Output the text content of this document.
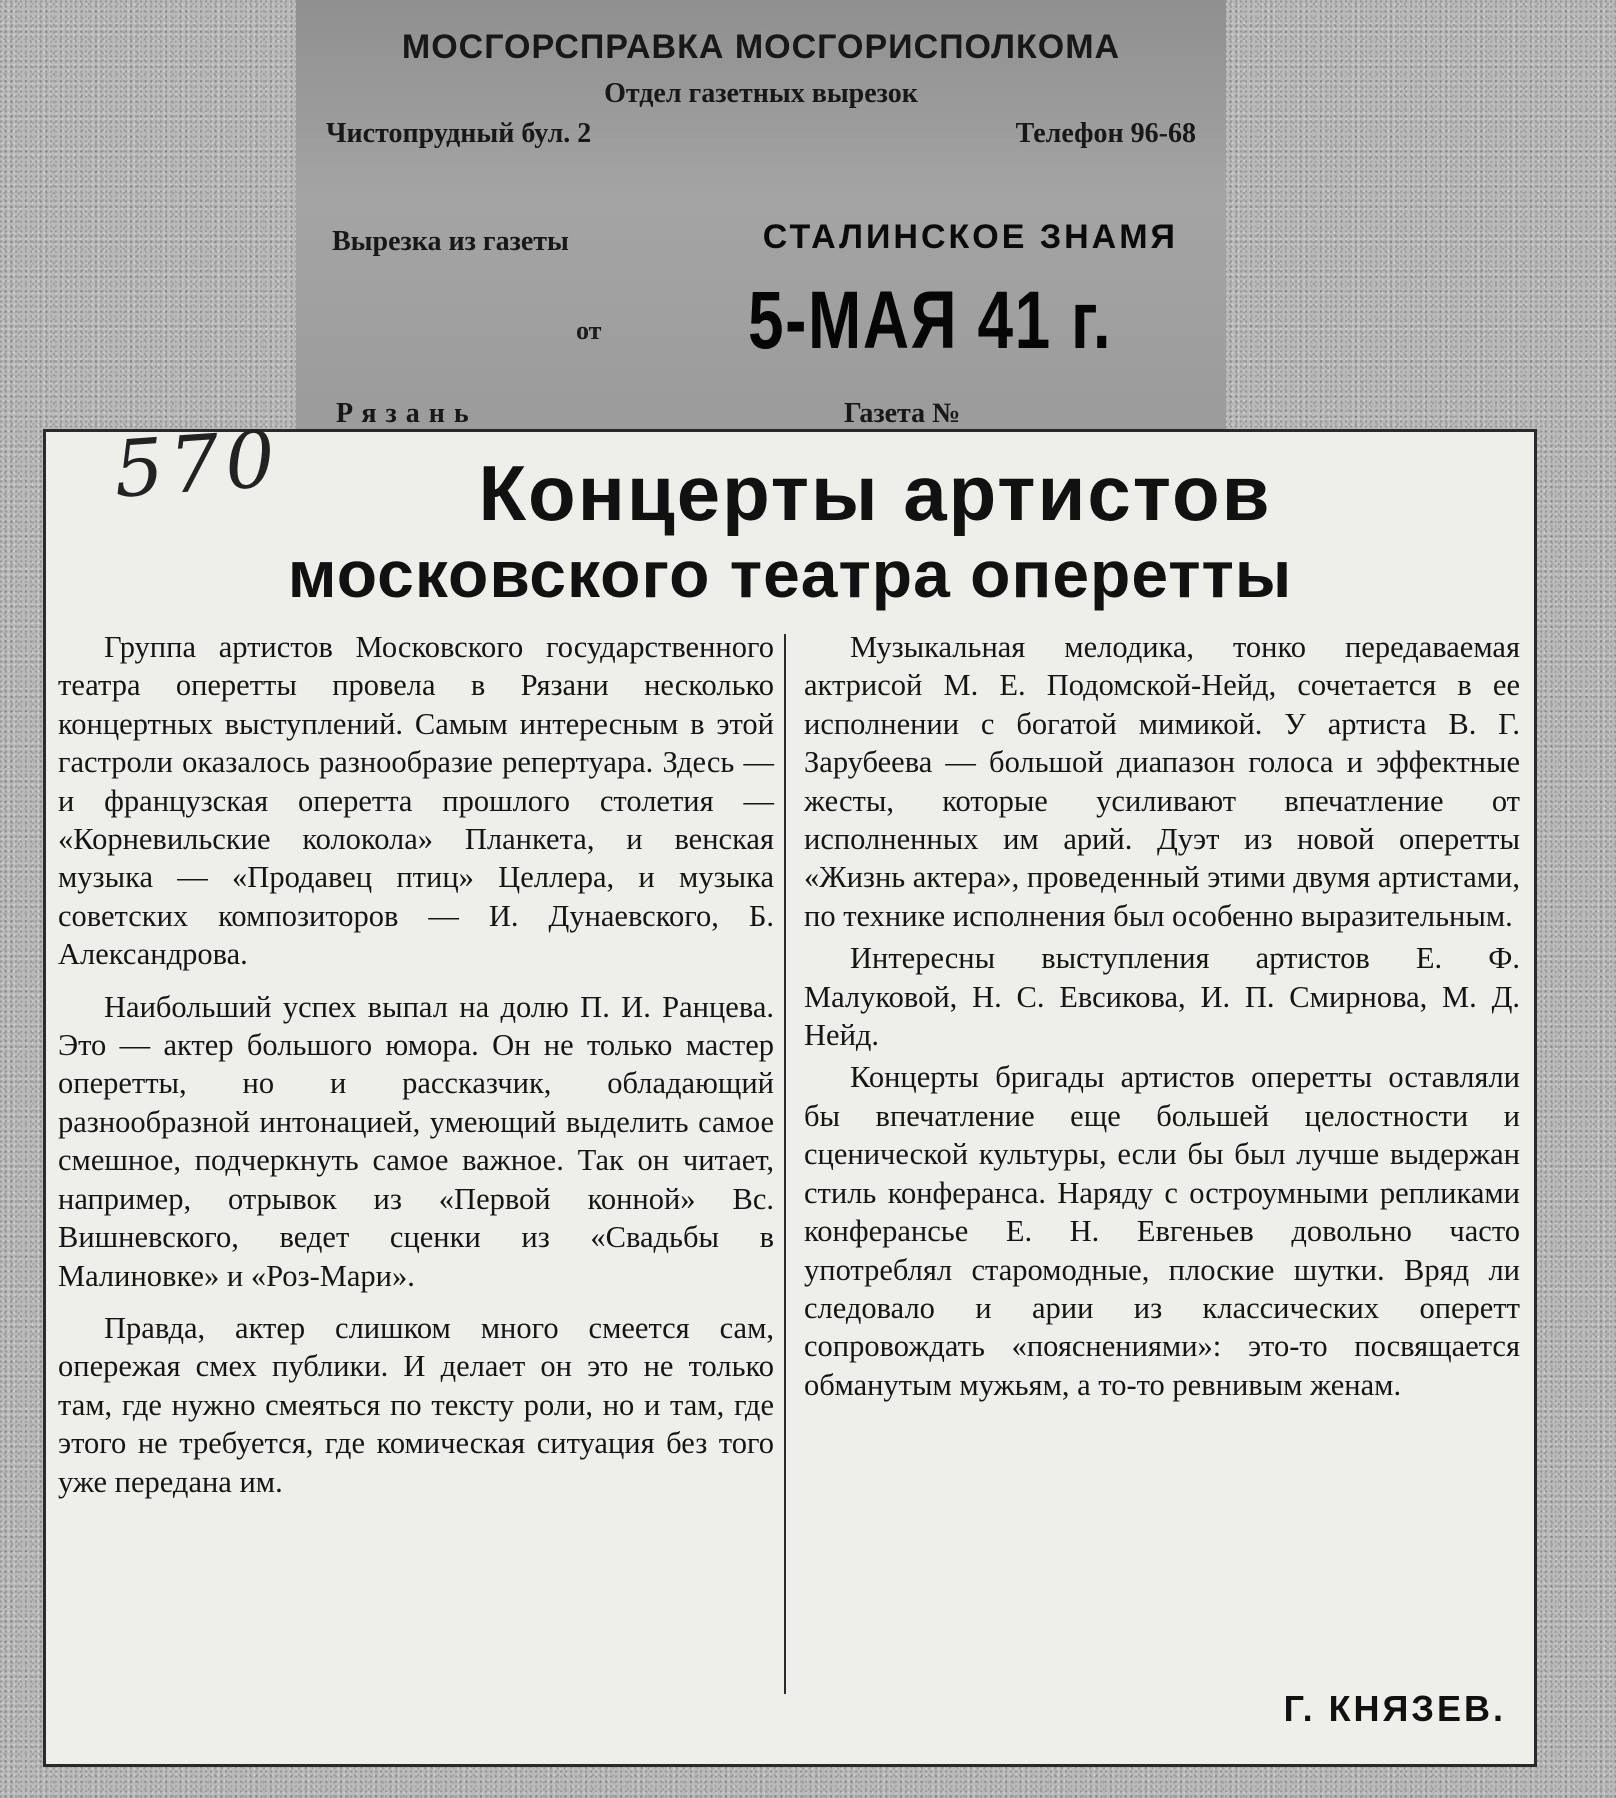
МОСГОРСПРАВКА МОСГОРИСПОЛКОМА
Отдел газетных вырезок
Чистопрудный бул. 2	Телефон 96-68
Вырезка из газеты	СТАЛИНСКОЕ ЗНАМЯ
от 5-МАЯ 41 г.
Рязань	Газета №
570	Концерты артистов
московского театра оперетты

Группа артистов Московского государственного театра оперетты провела в Рязани несколько концертных выступлений. Самым интересным в этой гастроли оказалось разнообразие репертуара. Здесь — и французская оперетта прошлого столетия — «Корневильские колокола» Планкета, и венская музыка — «Продавец птиц» Целлера, и музыка советских композиторов — И. Дунаевского, Б. Александрова.

Наибольший успех выпал на долю П. И. Ранцева. Это — актер большого юмора. Он не только мастер оперетты, но и рассказчик, обладающий разнообразной интонацией, умеющий выделить самое смешное, подчеркнуть самое важное. Так он читает, например, отрывок из «Первой конной» Вс. Вишневского, ведет сценки из «Свадьбы в Малиновке» и «Роз-Мари».

Правда, актер слишком много смеется сам, опережая смех публики. И делает он это не только там, где нужно смеяться по тексту роли, но и там, где этого не требуется, где комическая ситуация без того уже передана им.

Музыкальная мелодика, тонко передаваемая актрисой М. Е. Подомской-Нейд, сочетается в ее исполнении с богатой мимикой. У артиста В. Г. Зарубеева — большой диапазон голоса и эффектные жесты, которые усиливают впечатление от исполненных им арий. Дуэт из новой оперетты «Жизнь актера», проведенный этими двумя артистами, по технике исполнения был особенно выразительным.

Интересны выступления артистов Е. Ф. Малуковой, Н. С. Евсикова, И. П. Смирнова, М. Д. Нейд.

Концерты бригады артистов оперетты оставляли бы впечатление еще большей целостности и сценической культуры, если бы был лучше выдержан стиль конферанса. Наряду с остроумными репликами конферансье Е. Н. Евгеньев довольно часто употреблял старомодные, плоские шутки. Вряд ли следовало и арии из классических оперетт сопровождать «пояснениями»: это-то посвящается обманутым мужьям, а то-то ревнивым женам.

Г. КНЯЗЕВ.
